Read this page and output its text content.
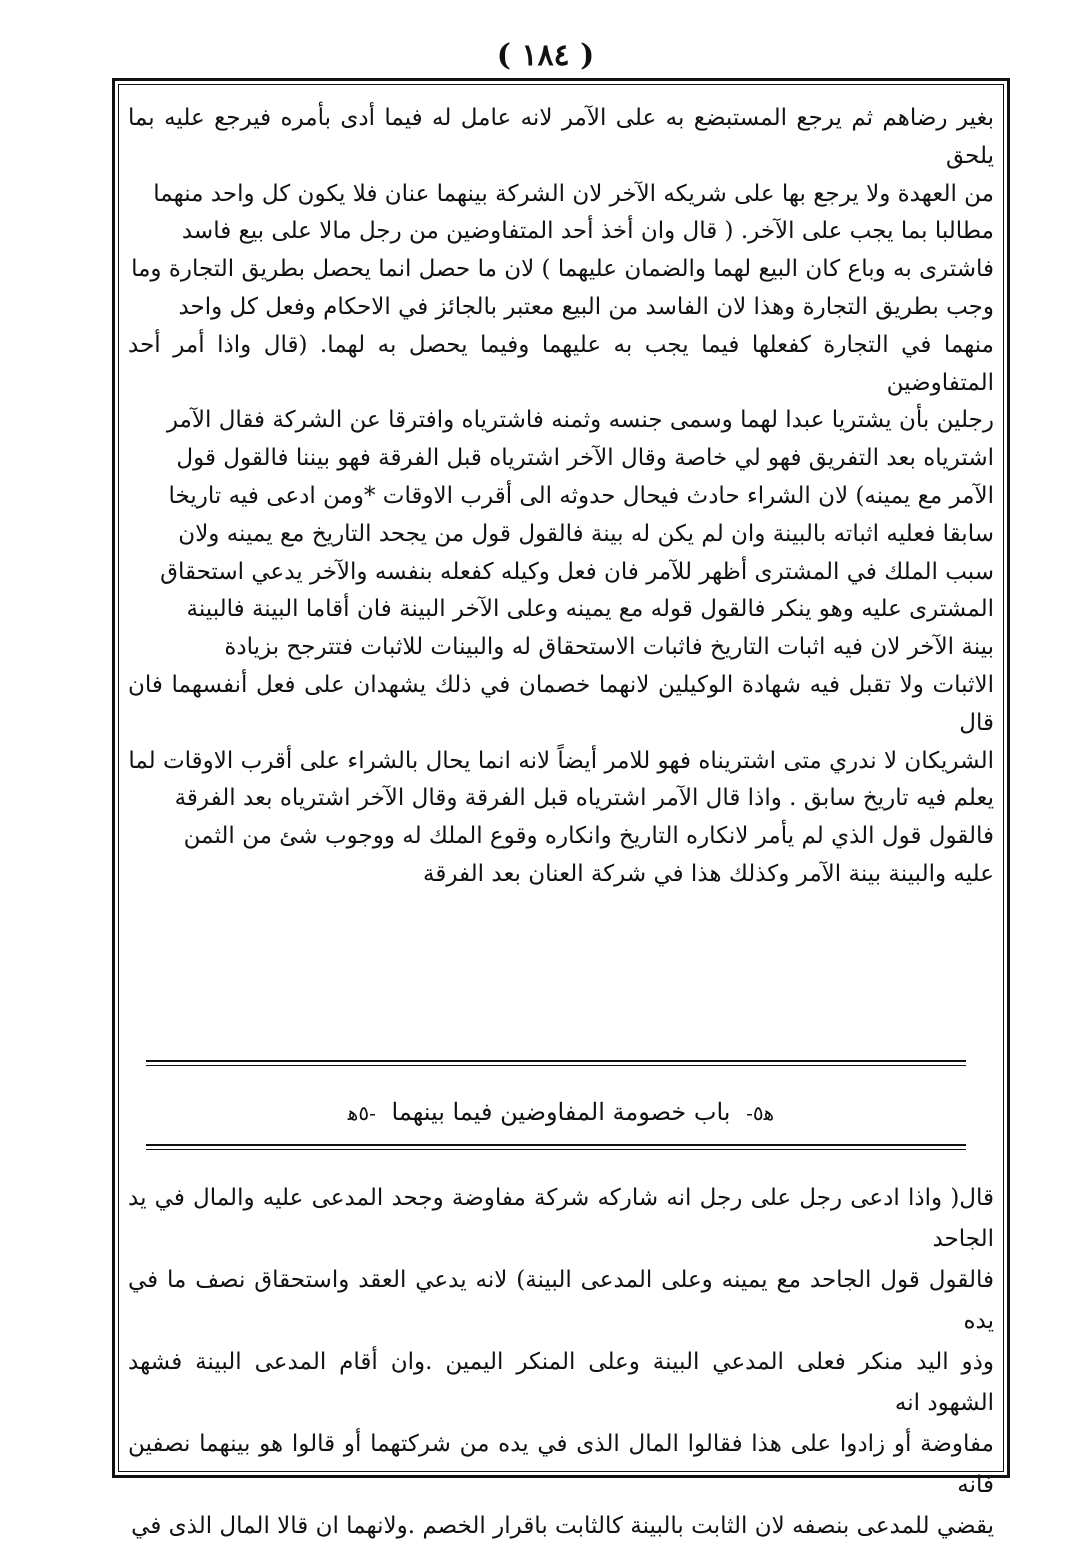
( ١٨٤ )

بغير رضاهم ثم يرجع المستبضع به على الآمر لانه عامل له فيما أدى بأمره فيرجع عليه بما يلحق

من العهدة ولا يرجع بها على شريكه الآخر لان الشركة بينهما عنان فلا يكون كل واحد منهما

مطالبا بما يجب على الآخر. ( قال وان أخذ أحد المتفاوضين من رجل مالا على بيع فاسد

فاشترى به وباع كان البيع لهما والضمان عليهما ) لان ما حصل انما يحصل بطريق التجارة وما

وجب بطريق التجارة وهذا لان الفاسد من البيع معتبر بالجائز في الاحكام وفعل كل واحد

منهما في التجارة كفعلها فيما يجب به عليهما وفيما يحصل به لهما. (قال واذا أمر أحد المتفاوضين

رجلين بأن يشتريا عبدا لهما وسمى جنسه وثمنه فاشترياه وافترقا عن الشركة فقال الآمر

اشترياه بعد التفريق فهو لي خاصة وقال الآخر اشترياه قبل الفرقة فهو بيننا فالقول قول

الآمر مع يمينه) لان الشراء حادث فيحال حدوثه الى أقرب الاوقات *ومن ادعى فيه تاريخا

سابقا فعليه اثباته بالبينة وان لم يكن له بينة فالقول قول من يجحد التاريخ مع يمينه ولان

سبب الملك في المشترى أظهر للآمر فان فعل وكيله كفعله بنفسه والآخر يدعي استحقاق

المشترى عليه وهو ينكر فالقول قوله مع يمينه وعلى الآخر البينة فان أقاما البينة فالبينة

بينة الآخر لان فيه اثبات التاريخ فاثبات الاستحقاق له والبينات للاثبات فتترجح بزيادة

الاثبات ولا تقبل فيه شهادة الوكيلين لانهما خصمان في ذلك يشهدان على فعل أنفسهما فان قال

الشريكان لا ندري متى اشتريناه فهو للامر أيضاً لانه انما يحال بالشراء على أقرب الاوقات لما

يعلم فيه تاريخ سابق . واذا قال الآمر اشترياه قبل الفرقة وقال الآخر اشترياه بعد الفرقة

فالقول قول الذي لم يأمر لانكاره التاريخ وانكاره وقوع الملك له ووجوب شئ من الثمن

عليه والبينة بينة الآمر وكذلك هذا في شركة العنان بعد الفرقة

ﻫ٥- باب خصومة المفاوضين فيما بينهما -٥ﻫ

قال( واذا ادعى رجل على رجل انه شاركه شركة مفاوضة وجحد المدعى عليه والمال في يد الجاحد

فالقول قول الجاحد مع يمينه وعلى المدعى البينة) لانه يدعي العقد واستحقاق نصف ما في يده

وذو اليد منكر فعلى المدعي البينة وعلى المنكر اليمين .وان أقام المدعى البينة فشهد الشهود انه

مفاوضة أو زادوا على هذا فقالوا المال الذى في يده من شركتهما أو قالوا هو بينهما نصفين فانه

يقضي للمدعى بنصفه لان الثابت بالبينة كالثابت باقرار الخصم .ولانهما ان قالا المال الذى في
